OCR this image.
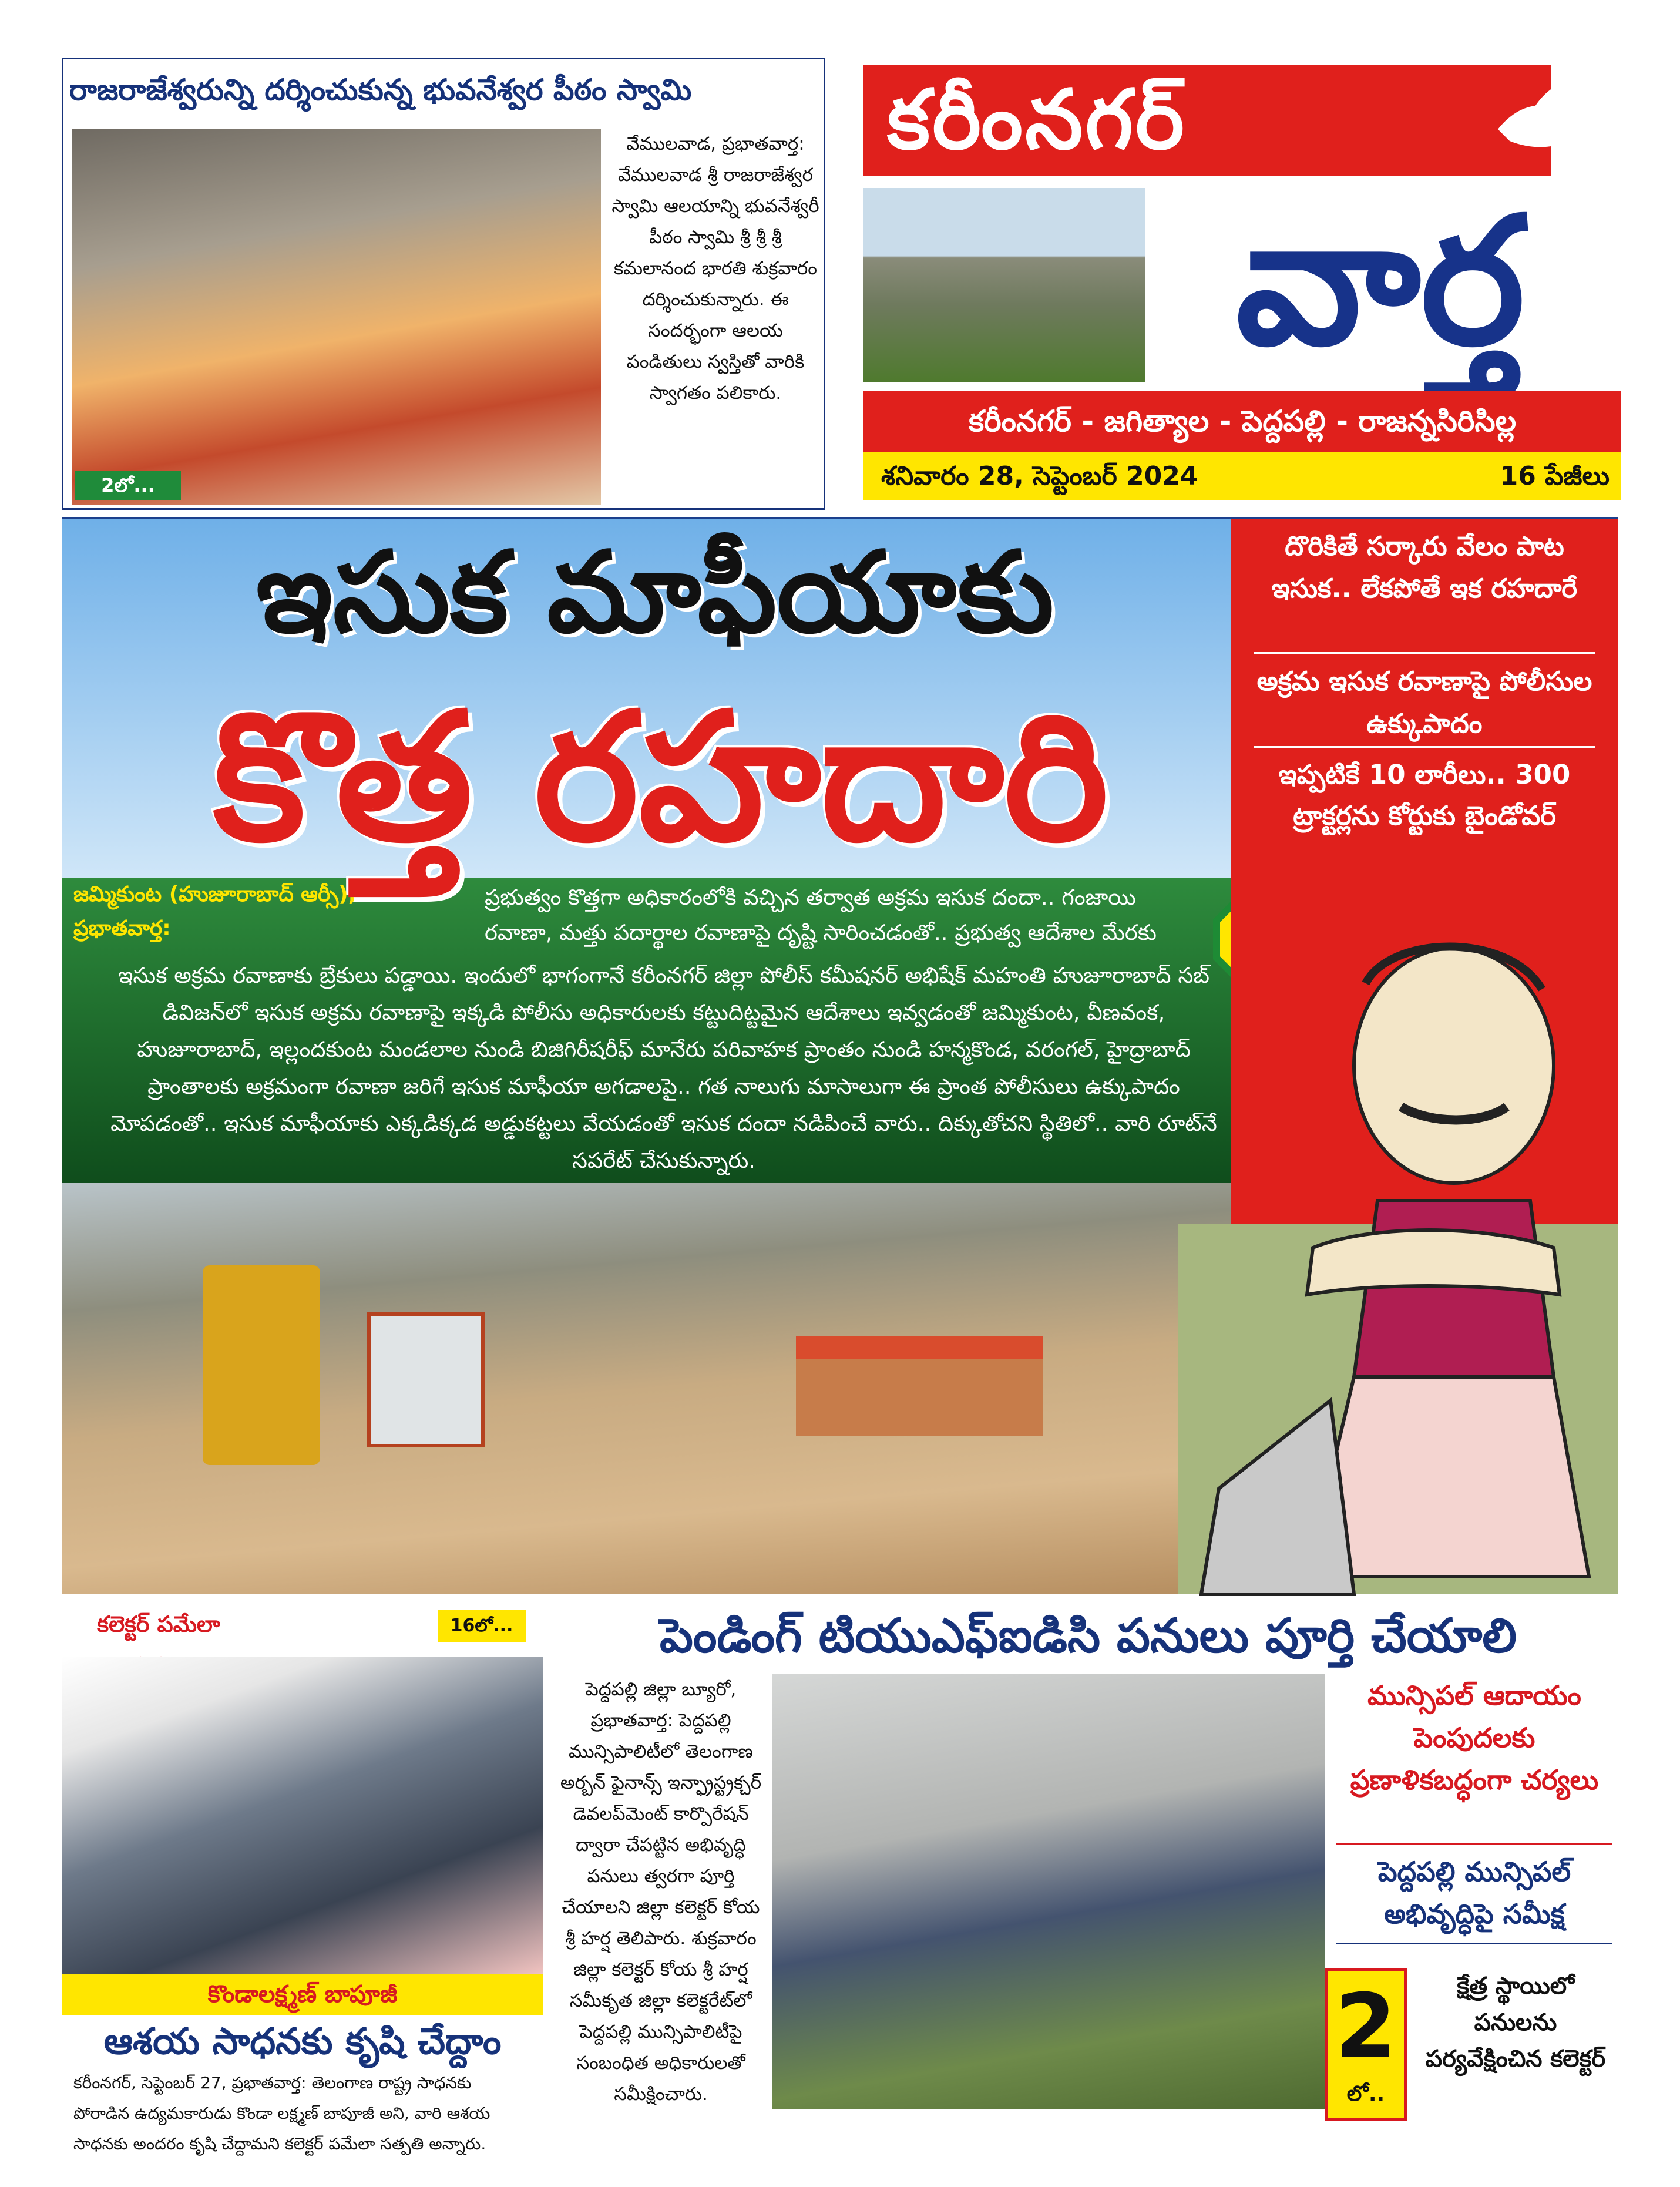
రాజరాజేశ్వరున్ని దర్శించుకున్న భువనేశ్వర పీఠం స్వామి
2లో...
వేములవాడ, ప్రభాతవార్త: వేములవాడ శ్రీ రాజరాజేశ్వర స్వామి ఆలయాన్ని భువనేశ్వరీ పీఠం స్వామి శ్రీ శ్రీ శ్రీ కమలానంద భారతి శుక్రవారం దర్శించుకున్నారు. ఈ సందర్భంగా ఆలయ పండితులు స్వస్తితో వారికి స్వాగతం పలికారు.
కరీంనగర్
వార్త
కరీంనగర్ - జగిత్యాల - పెద్దపల్లి - రాజన్నసిరిసిల్ల
శనివారం 28, సెప్టెంబర్ 2024	16 పేజీలు
ఇసుక మాఫీయాకు
కొత్త రహదారి
జమ్మికుంట (హుజూరాబాద్ ఆర్సీ), ప్రభాతవార్త:
ప్రభుత్వం కొత్తగా అధికారంలోకి వచ్చిన తర్వాత అక్రమ ఇసుక దందా.. గంజాయి
రవాణా, మత్తు పదార్థాల రవాణాపై దృష్టి సారించడంతో.. ప్రభుత్వ ఆదేశాల మేరకు
ఇసుక అక్రమ రవాణాకు బ్రేకులు పడ్డాయి. ఇందులో భాగంగానే కరీంనగర్ జిల్లా పోలీస్ కమీషనర్ అభిషేక్ మహంతి హుజూరాబాద్ సబ్ డివిజన్‌లో ఇసుక అక్రమ రవాణాపై ఇక్కడి పోలీసు అధికారులకు కట్టుదిట్టమైన ఆదేశాలు ఇవ్వడంతో జమ్మికుంట, వీణవంక, హుజూరాబాద్, ఇల్లందకుంట మండలాల నుండి బిజిగిరీషరీఫ్ మానేరు పరివాహక ప్రాంతం నుండి హన్మకొండ, వరంగల్, హైద్రాబాద్ ప్రాంతాలకు అక్రమంగా రవాణా జరిగే ఇసుక మాఫీయా అగడాలపై.. గత నాలుగు మాసాలుగా ఈ ప్రాంత పోలీసులు ఉక్కుపాదం మోపడంతో.. ఇసుక మాఫీయాకు ఎక్కడిక్కడ అడ్డుకట్టలు వేయడంతో ఇసుక దందా నడిపించే వారు.. దిక్కుతోచని స్థితిలో.. వారి రూట్‌నే సపరేట్ చేసుకున్నారు.
దొరికితే సర్కారు వేలం పాట ఇసుక.. లేకపోతే ఇక రహదారే
అక్రమ ఇసుక రవాణాపై పోలీసుల ఉక్కుపాదం
ఇప్పటికే 10 లారీలు.. 300 ట్రాక్టర్లను కోర్టుకు బైండోవర్
కలెక్టర్ పమేలా	16లో...
కొండాలక్ష్మణ్ బాపూజీ
ఆశయ సాధనకు కృషి చేద్దాం
కరీంనగర్, సెప్టెంబర్ 27, ప్రభాతవార్త: తెలంగాణ రాష్ట్ర సాధనకు పోరాడిన ఉద్యమకారుడు కొండా లక్ష్మణ్ బాపూజీ అని, వారి ఆశయ సాధనకు అందరం కృషి చేద్దామని కలెక్టర్ పమేలా సత్పతి అన్నారు.
పెండింగ్ టియుఎఫ్ఐడిసి పనులు పూర్తి చేయాలి
పెద్దపల్లి జిల్లా బ్యూరో, ప్రభాతవార్త: పెద్దపల్లి మున్సిపాలిటీలో తెలంగాణ అర్బన్ ఫైనాన్స్ ఇన్ఫ్రాస్ట్రక్చర్ డెవలప్‌మెంట్ కార్పొరేషన్ ద్వారా చేపట్టిన అభివృద్ధి పనులు త్వరగా పూర్తి చేయాలని జిల్లా కలెక్టర్ కోయ శ్రీ హర్ష తెలిపారు. శుక్రవారం జిల్లా కలెక్టర్ కోయ శ్రీ హర్ష సమీకృత జిల్లా కలెక్టరేట్‌లో పెద్దపల్లి మున్సిపాలిటీపై సంబంధిత అధికారులతో సమీక్షించారు.
మున్సిపల్ ఆదాయం పెంపుదలకు ప్రణాళికబద్ధంగా చర్యలు
పెద్దపల్లి మున్సిపల్ అభివృద్ధిపై సమీక్ష
2
లో..
క్షేత్ర స్థాయిలో పనులను పర్యవేక్షించిన కలెక్టర్
